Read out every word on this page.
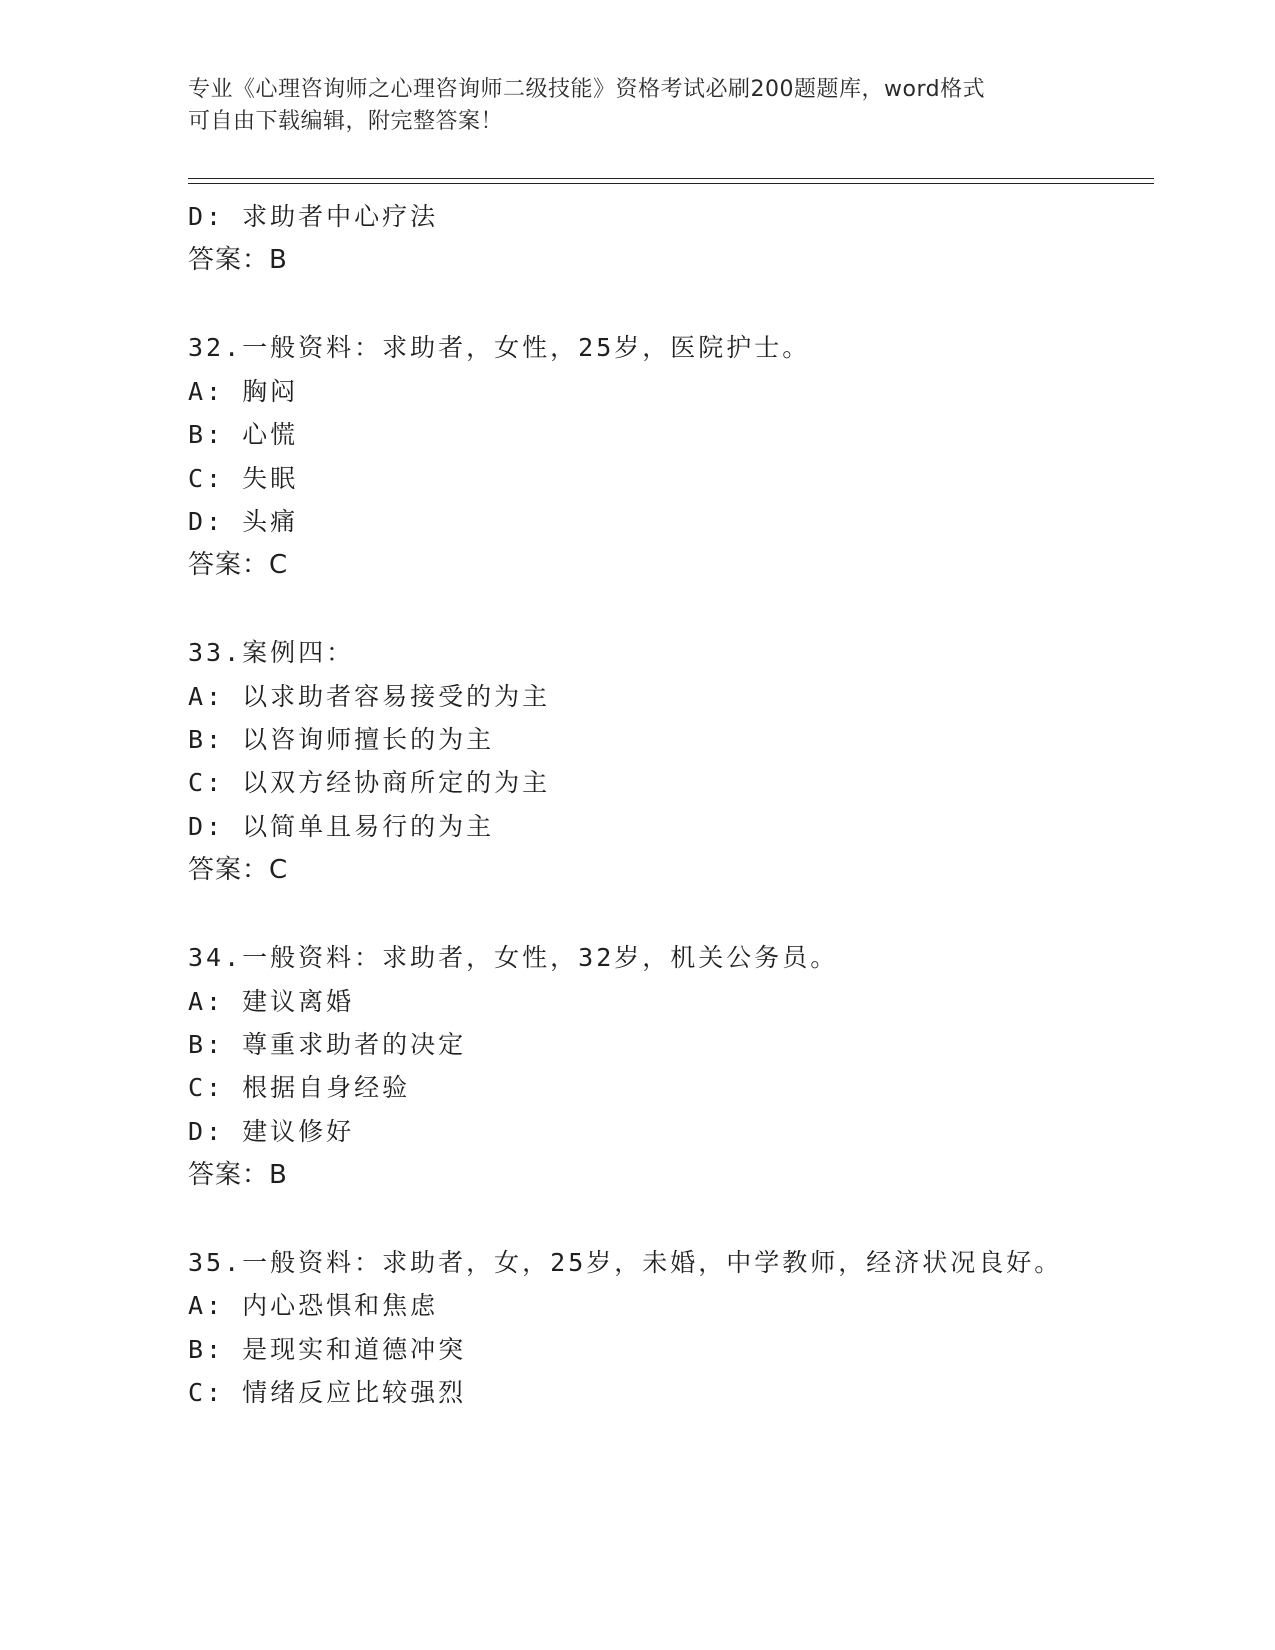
专业《心理咨询师之心理咨询师二级技能》资格考试必刷200题题库，word格式
可自由下载编辑，附完整答案！
D: 求助者中心疗法
答案：B
32.一般资料：求助者，女性，25岁，医院护士。
A: 胸闷
B: 心慌
C: 失眠
D: 头痛
答案：C
33.案例四：
A: 以求助者容易接受的为主
B: 以咨询师擅长的为主
C: 以双方经协商所定的为主
D: 以简单且易行的为主
答案：C
34.一般资料：求助者，女性，32岁，机关公务员。
A: 建议离婚
B: 尊重求助者的决定
C: 根据自身经验
D: 建议修好
答案：B
35.一般资料：求助者，女，25岁，未婚，中学教师，经济状况良好。
A: 内心恐惧和焦虑
B: 是现实和道德冲突
C: 情绪反应比较强烈
